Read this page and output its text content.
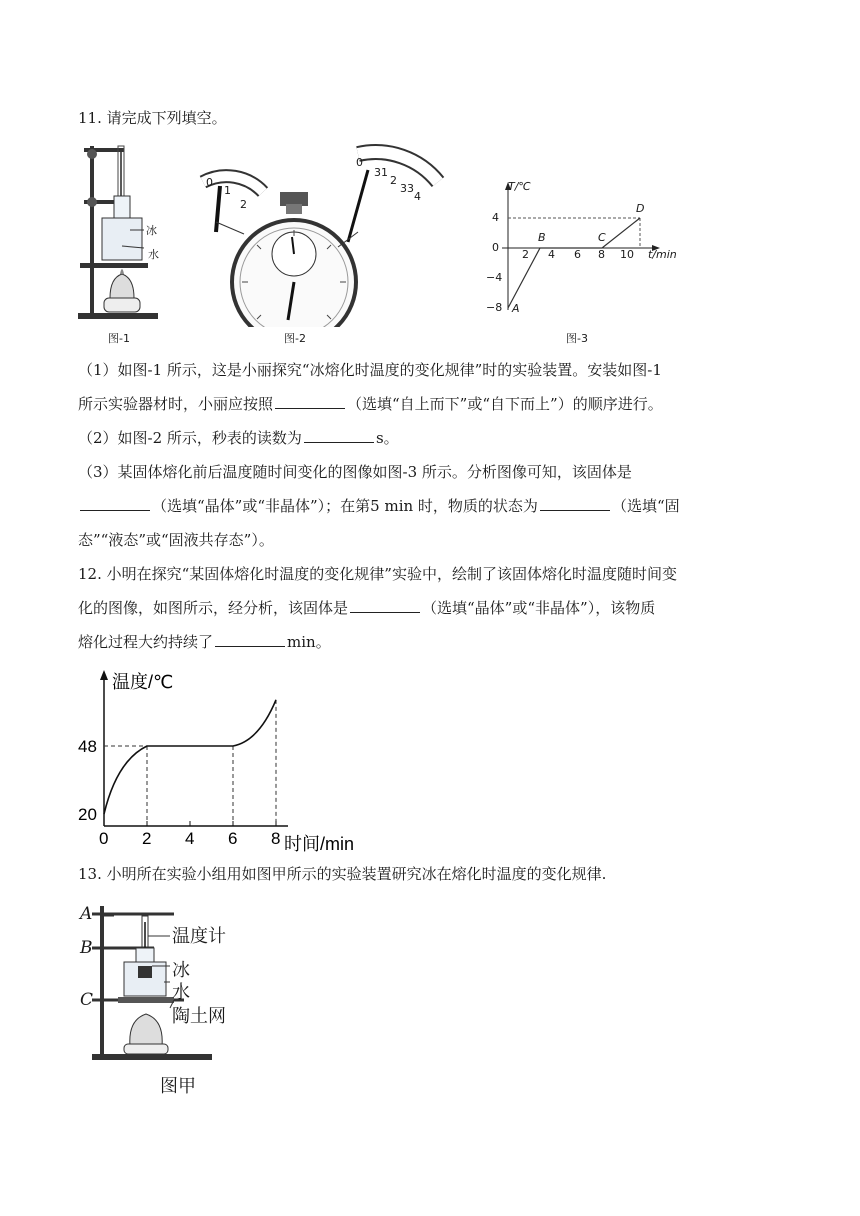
11. 请完成下列填空。
冰
水
图-1
0
1
2
0
31
2
33
4
图-2
T/℃
t/min
4
0
−4
−8
2 4 6 8 10
A
B	C
D
图-3
（1）如图-1 所示，这是小丽探究“冰熔化时温度的变化规律”时的实验装置。安装如图-1
所示实验器材时，小丽应按照	（选填“自上而下”或“自下而上”）的顺序进行。
（2）如图-2 所示，秒表的读数为	s。
（3）某固体熔化前后温度随时间变化的图像如图-3 所示。分析图像可知，该固体是
（选填“晶体”或“非晶体”）；在第5 min 时，物质的状态为	（选填“固
态”“液态”或“固液共存态”）。
12. 小明在探究“某固体熔化时温度的变化规律”实验中，绘制了该固体熔化时温度随时间变
化的图像，如图所示，经分析，该固体是	（选填“晶体”或“非晶体”），该物质
熔化过程大约持续了	min。
0 2 4 6 8
48
20
温度/℃
时间/min
13. 小明所在实验小组用如图甲所示的实验装置研究冰在熔化时温度的变化规律.
A
B
C
温度计
冰
水
陶土网
图甲
